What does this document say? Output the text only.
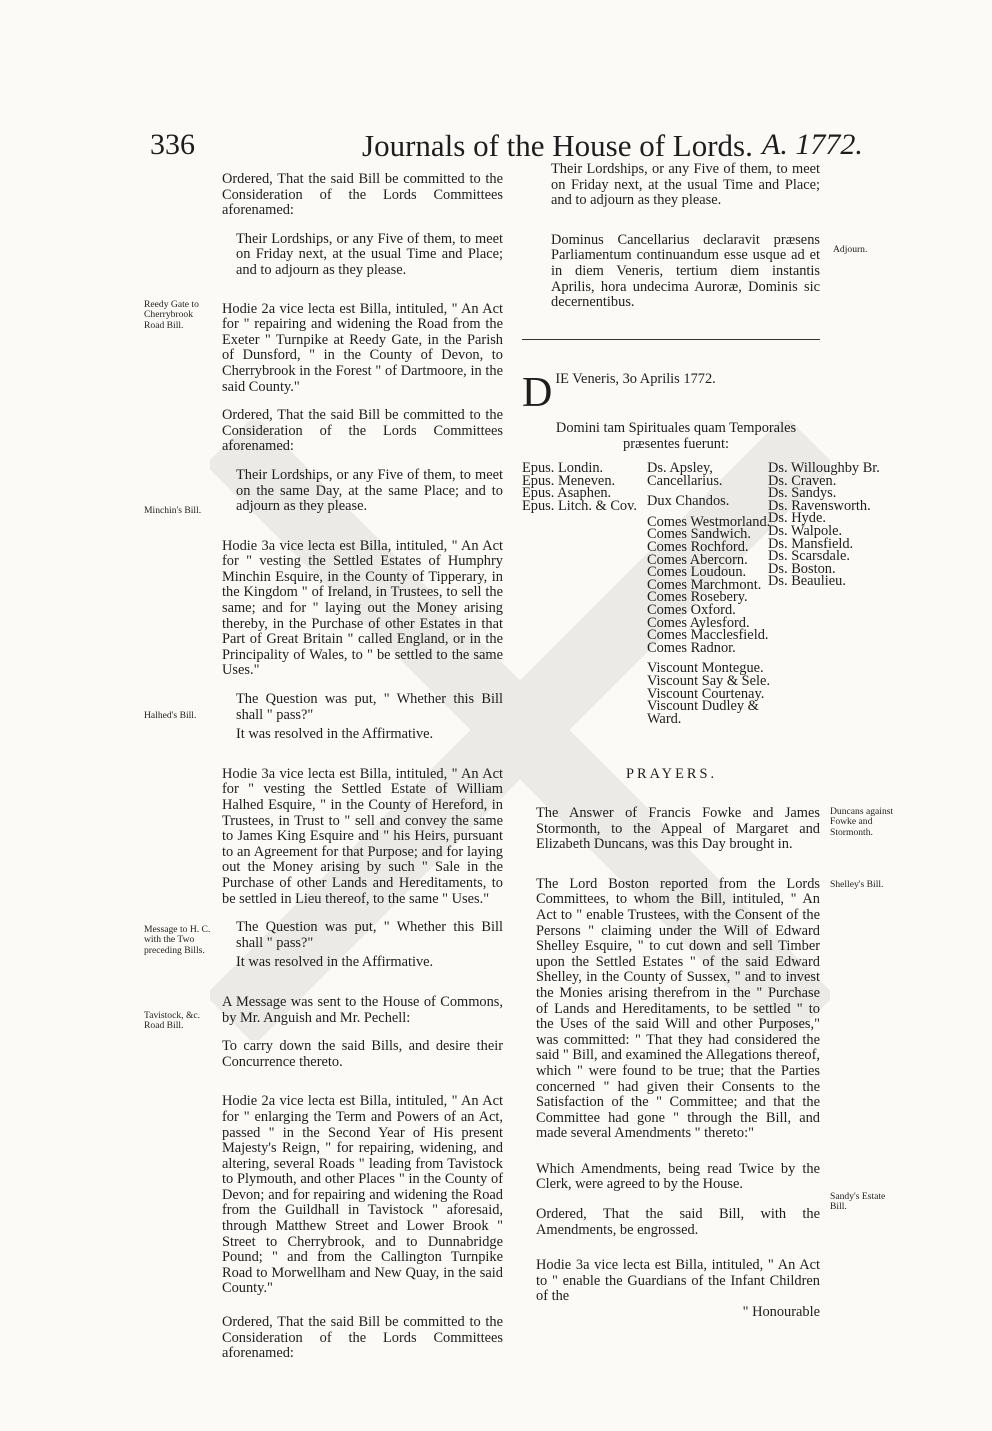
336	Journals of the House of Lords. A. 1772.
Reedy Gate to Cherrybrook Road Bill.
Minchin's Bill.
Halhed's Bill.
Message to H. C. with the Two preceding Bills.
Tavistock, &c. Road Bill.

Ordered, That the said Bill be committed to the Consideration of the Lords Committees aforenamed:

Their Lordships, or any Five of them, to meet on Friday next, at the usual Time and Place; and to adjourn as they please.

Hodie 2a vice lecta est Billa, intituled, " An Act for " repairing and widening the Road from the Exeter " Turnpike at Reedy Gate, in the Parish of Dunsford, " in the County of Devon, to Cherrybrook in the Forest " of Dartmoore, in the said County."

Ordered, That the said Bill be committed to the Consideration of the Lords Committees aforenamed:

Their Lordships, or any Five of them, to meet on the same Day, at the same Place; and to adjourn as they please.

Hodie 3a vice lecta est Billa, intituled, " An Act for " vesting the Settled Estates of Humphry Minchin Esquire, in the County of Tipperary, in the Kingdom " of Ireland, in Trustees, to sell the same; and for " laying out the Money arising thereby, in the Purchase of other Estates in that Part of Great Britain " called England, or in the Principality of Wales, to " be settled to the same Uses."

The Question was put, " Whether this Bill shall " pass?"

It was resolved in the Affirmative.

Hodie 3a vice lecta est Billa, intituled, " An Act for " vesting the Settled Estate of William Halhed Esquire, " in the County of Hereford, in Trustees, in Trust to " sell and convey the same to James King Esquire and " his Heirs, pursuant to an Agreement for that Purpose; and for laying out the Money arising by such " Sale in the Purchase of other Lands and Hereditaments, to be settled in Lieu thereof, to the same " Uses."

The Question was put, " Whether this Bill shall " pass?"

It was resolved in the Affirmative.

A Message was sent to the House of Commons, by Mr. Anguish and Mr. Pechell:

To carry down the said Bills, and desire their Concurrence thereto.

Hodie 2a vice lecta est Billa, intituled, " An Act for " enlarging the Term and Powers of an Act, passed " in the Second Year of His present Majesty's Reign, " for repairing, widening, and altering, several Roads " leading from Tavistock to Plymouth, and other Places " in the County of Devon; and for repairing and widening the Road from the Guildhall in Tavistock " aforesaid, through Matthew Street and Lower Brook " Street to Cherrybrook, and to Dunnabridge Pound; " and from the Callington Turnpike Road to Morwellham and New Quay, in the said County."

Ordered, That the said Bill be committed to the Consideration of the Lords Committees aforenamed:

Adjourn.
Duncans against Fowke and Stormonth.
Shelley's Bill.
Sandy's Estate Bill.

Their Lordships, or any Five of them, to meet on Friday next, at the usual Time and Place; and to adjourn as they please.

Dominus Cancellarius declaravit præsens Parliamentum continuandum esse usque ad et in diem Veneris, tertium diem instantis Aprilis, hora undecima Auroræ, Dominis sic decernentibus.

D IE Veneris, 3o Aprilis 1772.
Domini tam Spirituales quam Temporales præsentes fuerunt:
Epus. Londin.
Epus. Meneven.
Epus. Asaphen.
Epus. Litch. & Cov.
Ds. Apsley, Cancellarius.
Dux Chandos.
Comes Westmorland.
Comes Sandwich.
Comes Rochford.
Comes Abercorn.
Comes Loudoun.
Comes Marchmont.
Comes Rosebery.
Comes Oxford.
Comes Aylesford.
Comes Macclesfield.
Comes Radnor.
Viscount Montegue.
Viscount Say & Sele.
Viscount Courtenay.
Viscount Dudley & Ward.
Ds. Willoughby Br.
Ds. Craven.
Ds. Sandys.
Ds. Ravensworth.
Ds. Hyde.
Ds. Walpole.
Ds. Mansfield.
Ds. Scarsdale.
Ds. Boston.
Ds. Beaulieu.
PRAYERS.

The Answer of Francis Fowke and James Stormonth, to the Appeal of Margaret and Elizabeth Duncans, was this Day brought in.

The Lord Boston reported from the Lords Committees, to whom the Bill, intituled, " An Act to " enable Trustees, with the Consent of the Persons " claiming under the Will of Edward Shelley Esquire, " to cut down and sell Timber upon the Settled Estates " of the said Edward Shelley, in the County of Sussex, " and to invest the Monies arising therefrom in the " Purchase of Lands and Hereditaments, to be settled " to the Uses of the said Will and other Purposes," was committed: " That they had considered the said " Bill, and examined the Allegations thereof, which " were found to be true; that the Parties concerned " had given their Consents to the Satisfaction of the " Committee; and that the Committee had gone " through the Bill, and made several Amendments " thereto:"

Which Amendments, being read Twice by the Clerk, were agreed to by the House.

Ordered, That the said Bill, with the Amendments, be engrossed.

Hodie 3a vice lecta est Billa, intituled, " An Act to " enable the Guardians of the Infant Children of the

" Honourable
